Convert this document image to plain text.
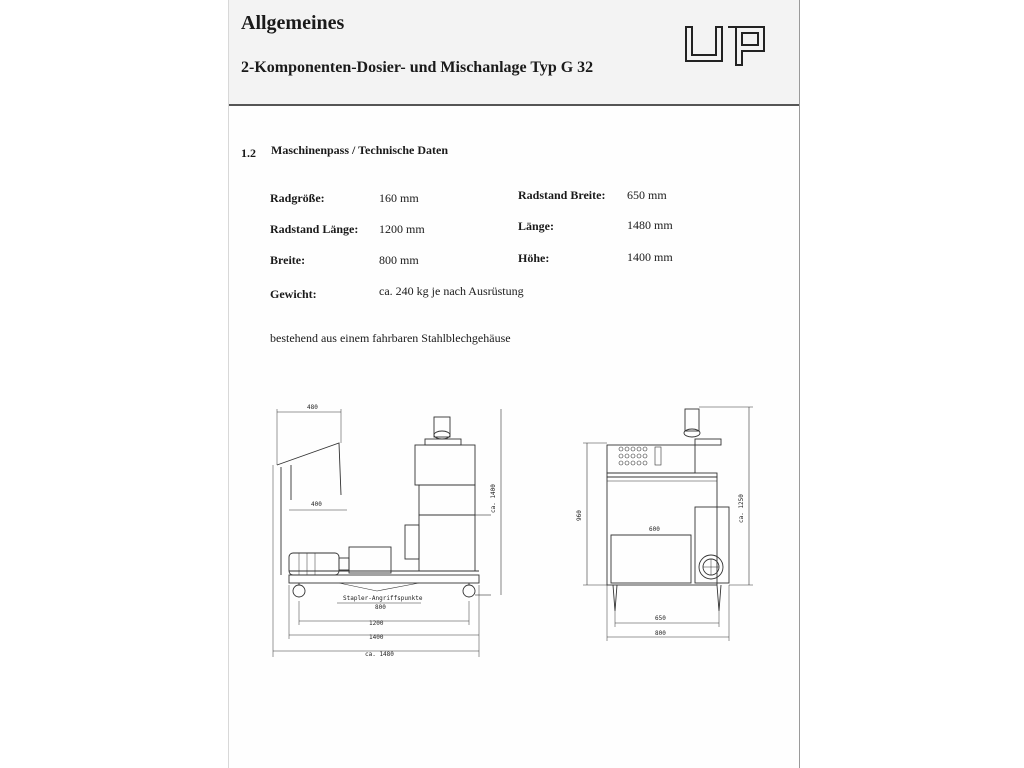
Allgemeines
2-Komponenten-Dosier- und Mischanlage Typ G 32
1.2 Maschinenpass / Technische Daten
Radgröße:	160 mm
Radstand Länge: 1200 mm
Breite:	800 mm
Gewicht:	ca. 240 kg je nach Ausrüstung
Radstand Breite: 650 mm
Länge:	1480 mm
Höhe:	1400 mm
bestehend aus einem fahrbaren Stahlblechgehäuse
400
480
ca. 1400
Stapler-Angriffspunkte
800
1200
1400
ca. 1480
600
960	ca. 1250
650
800
